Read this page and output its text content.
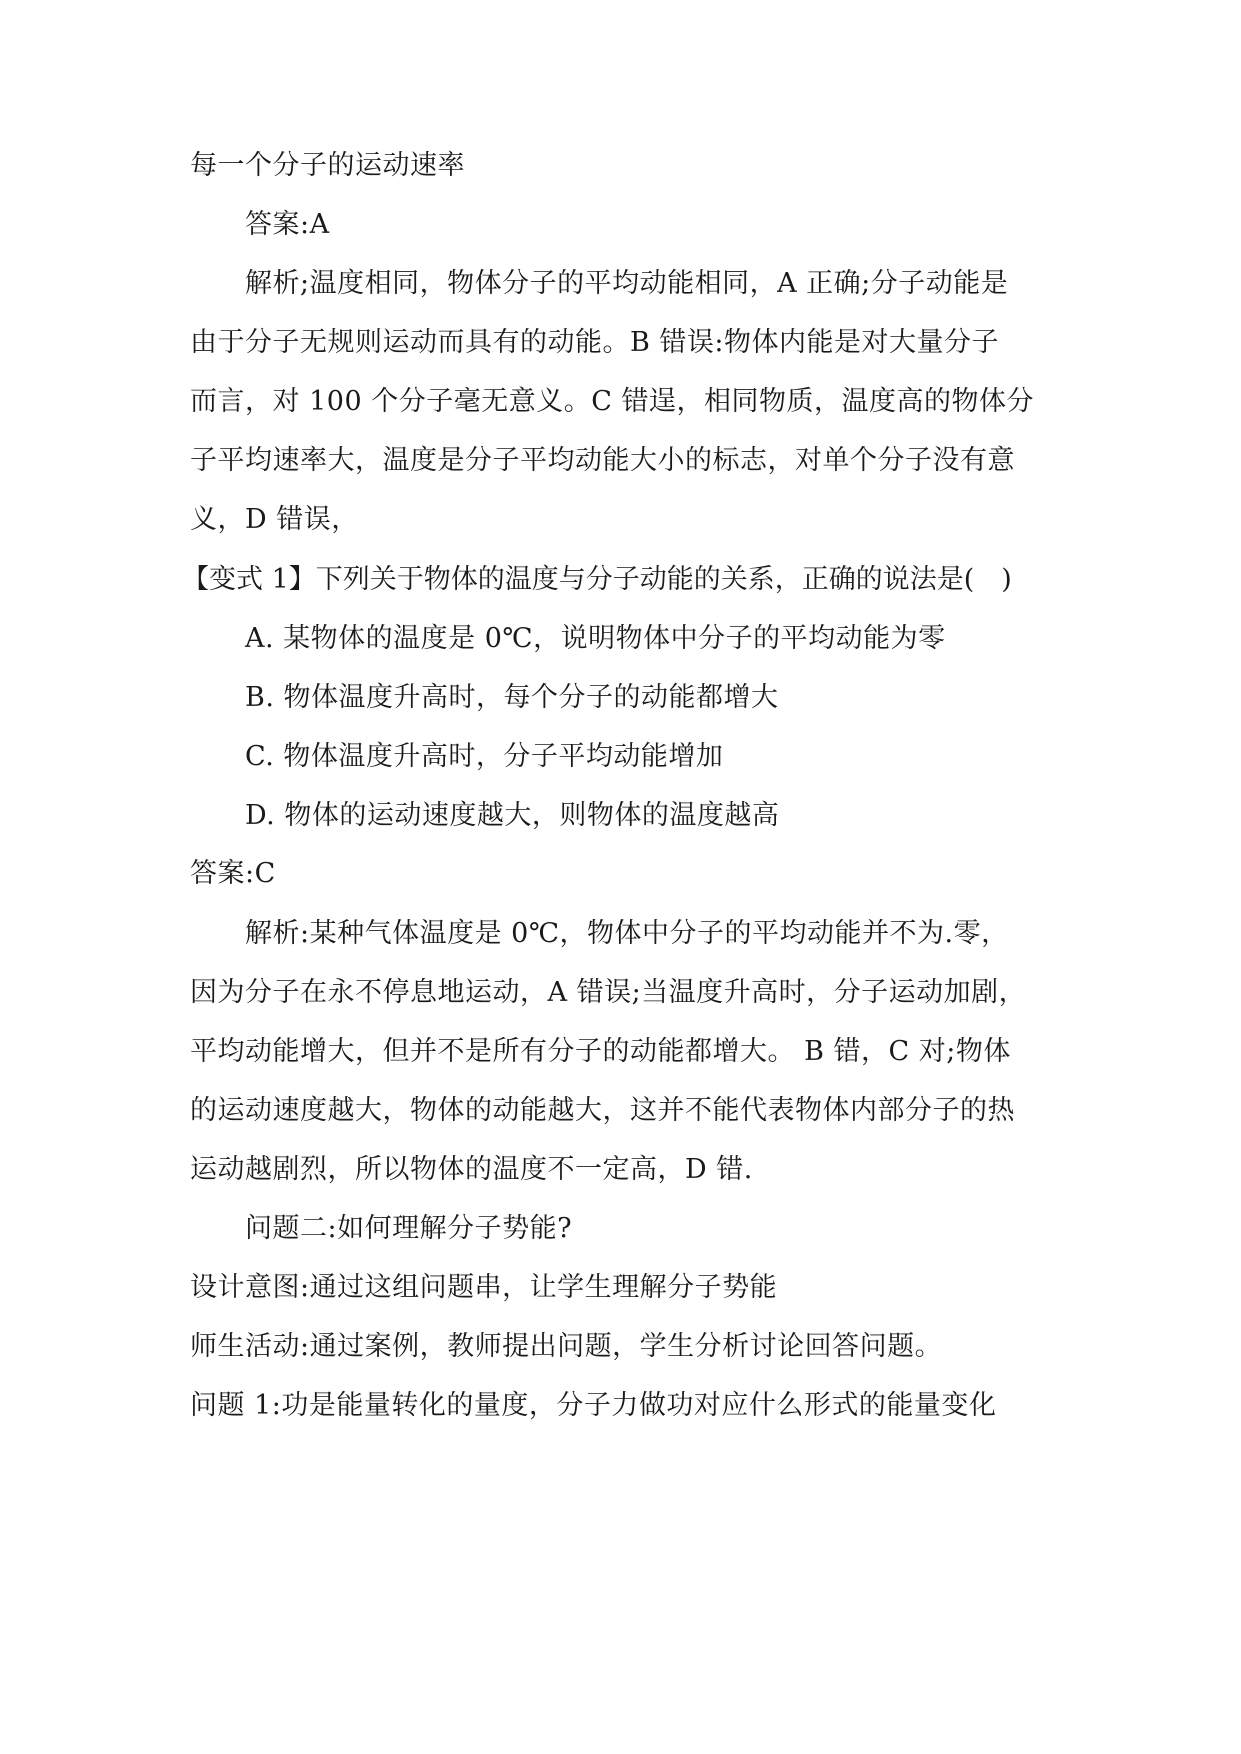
每一个分子的运动速率
答案:A
解析;温度相同，物体分子的平均动能相同，A 正确;分子动能是
由于分子无规则运动而具有的动能。B 错误:物体内能是对大量分子
而言，对 100 个分子毫无意义。C 错逞，相同物质，温度高的物体分
子平均速率大，温度是分子平均动能大小的标志，对单个分子没有意
义，D 错误，
【变式 1】下列关于物体的温度与分子动能的关系，正确的说法是(　)
A. 某物体的温度是 0℃，说明物体中分子的平均动能为零
B. 物体温度升高时，每个分子的动能都增大
C. 物体温度升高时，分子平均动能增加
D. 物体的运动速度越大，则物体的温度越高
答案:C
解析:某种气体温度是 0℃，物体中分子的平均动能并不为.零，
因为分子在永不停息地运动，A 错误;当温度升高时，分子运动加剧，
平均动能增大，但并不是所有分子的动能都增大。 B 错，C 对;物体
的运动速度越大，物体的动能越大，这并不能代表物体内部分子的热
运动越剧烈，所以物体的温度不一定高，D 错.
问题二:如何理解分子势能?
设计意图:通过这组问题串，让学生理解分子势能
师生活动:通过案例，教师提出问题，学生分析讨论回答问题。
问题 1:功是能量转化的量度，分子力做功对应什么形式的能量变化
